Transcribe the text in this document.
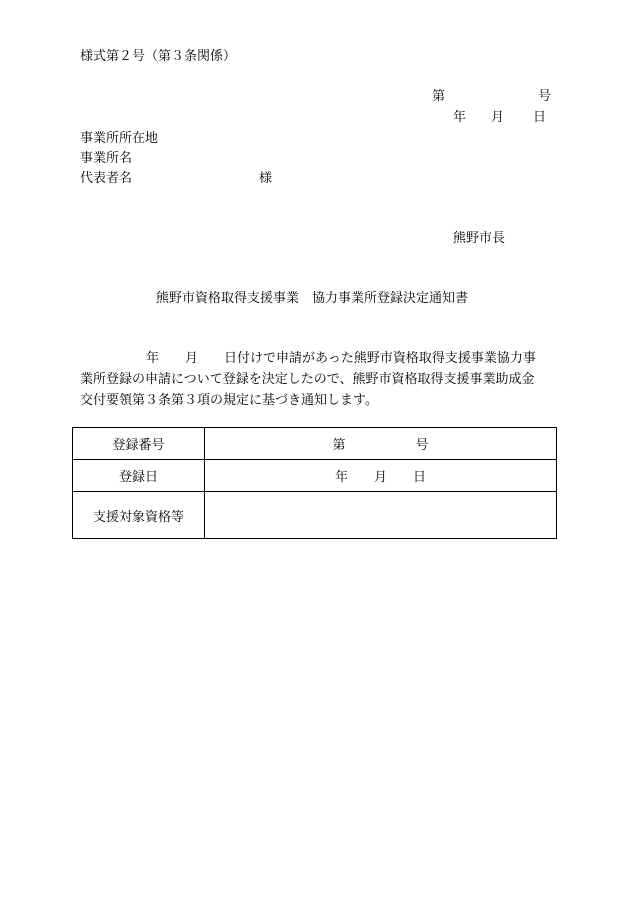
様式第２号（第３条関係）
第	号
年 月 日
事業所所在地
事業所名
代表者名	様
熊野市長
熊野市資格取得支援事業　協力事業所登録決定通知書
年 月 日付けで申請があった熊野市資格取得支援事業協力事
業所登録の申請について登録を決定したので、熊野市資格取得支援事業助成金
交付要領第３条第３項の規定に基づき通知します。
登録番号	第 号
登録日	年 月 日
支援対象資格等	
